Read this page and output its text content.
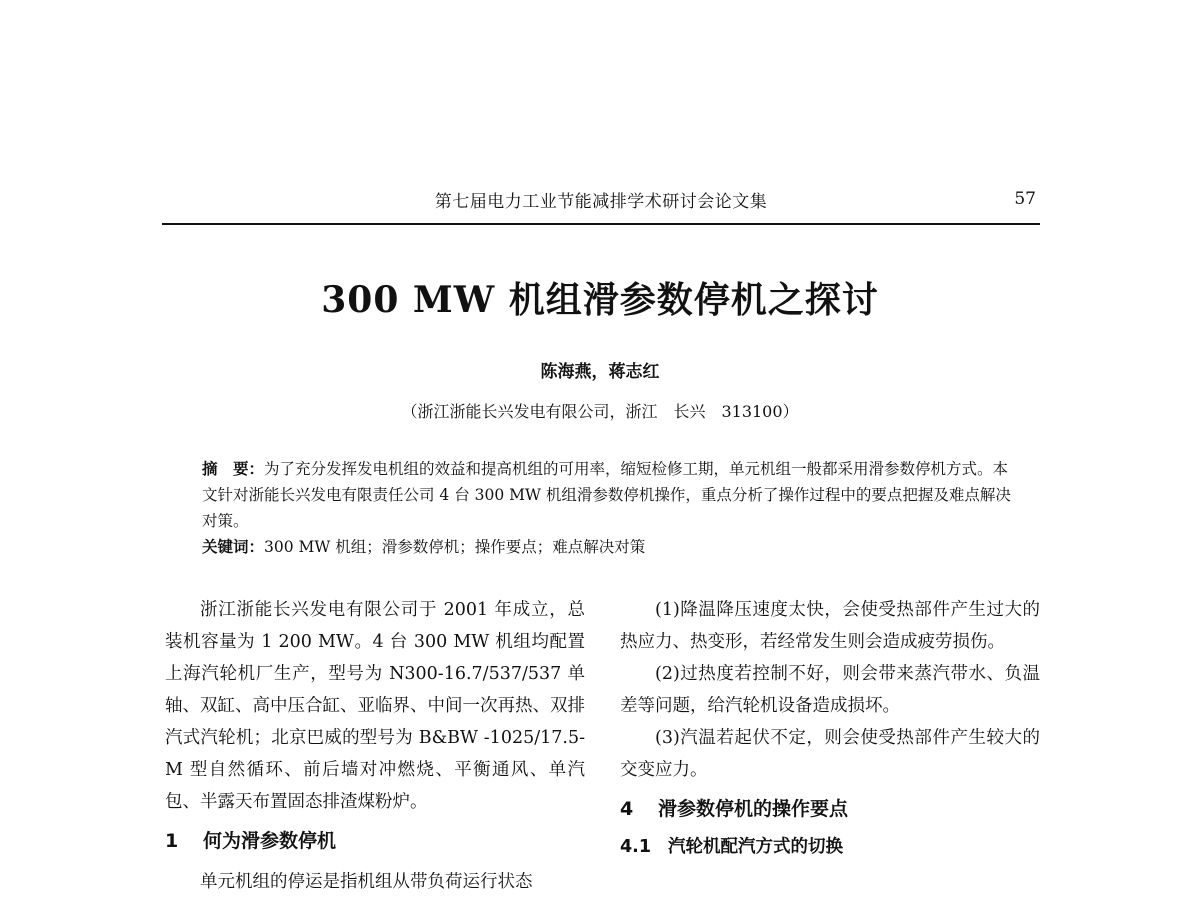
第七届电力工业节能减排学术研讨会论文集	57
300 MW 机组滑参数停机之探讨
陈海燕，蒋志红
（浙江浙能长兴发电有限公司，浙江　长兴　313100）

摘　要：为了充分发挥发电机组的效益和提高机组的可用率，缩短检修工期，单元机组一般都采用滑参数停机方式。本文针对浙能长兴发电有限责任公司 4 台 300 MW 机组滑参数停机操作，重点分析了操作过程中的要点把握及难点解决对策。

关键词：300 MW 机组；滑参数停机；操作要点；难点解决对策

浙江浙能长兴发电有限公司于 2001 年成立，总装机容量为 1 200 MW。4 台 300 MW 机组均配置上海汽轮机厂生产，型号为 N300-16.7/537/537 单轴、双缸、高中压合缸、亚临界、中间一次再热、双排汽式汽轮机；北京巴威的型号为 B&BW -1025/17.5-M 型自然循环、前后墙对冲燃烧、平衡通风、单汽包、半露天布置固态排渣煤粉炉。

1 何为滑参数停机

单元机组的停运是指机组从带负荷运行状态

(1)降温降压速度太快，会使受热部件产生过大的热应力、热变形，若经常发生则会造成疲劳损伤。

(2)过热度若控制不好，则会带来蒸汽带水、负温差等问题，给汽轮机设备造成损坏。

(3)汽温若起伏不定，则会使受热部件产生较大的交变应力。

4 滑参数停机的操作要点
4.1 汽轮机配汽方式的切换
